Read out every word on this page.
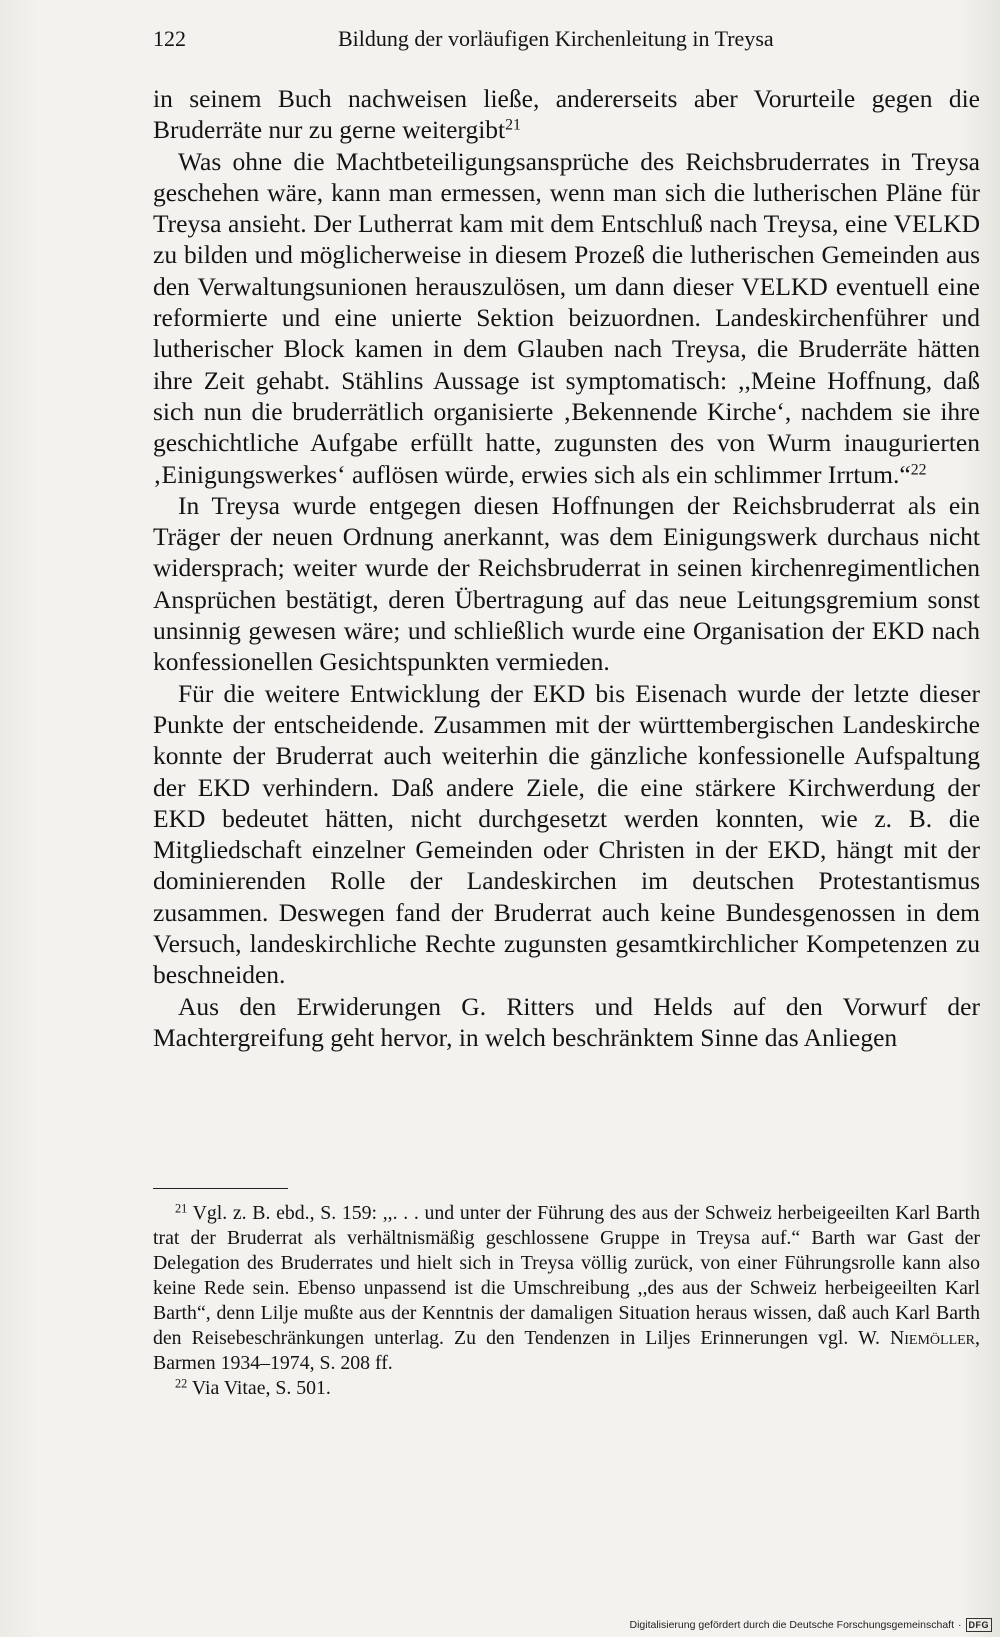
122	Bildung der vorläufigen Kirchenleitung in Treysa

in seinem Buch nachweisen ließe, andererseits aber Vorurteile gegen die Bruderräte nur zu gerne weitergibt$^{21}$

Was ohne die Machtbeteiligungsansprüche des Reichsbruderrates in Treysa geschehen wäre, kann man ermessen, wenn man sich die lutherischen Pläne für Treysa ansieht. Der Lutherrat kam mit dem Entschluß nach Treysa, eine VELKD zu bilden und möglicherweise in diesem Prozeß die lutherischen Gemeinden aus den Verwaltungsunionen herauszulösen, um dann dieser VELKD eventuell eine reformierte und eine unierte Sektion beizuordnen. Landeskirchenführer und lutherischer Block kamen in dem Glauben nach Treysa, die Bruderräte hätten ihre Zeit gehabt. Stählins Aussage ist symptomatisch: ,,Meine Hoffnung, daß sich nun die bruderrätlich organisierte ‚Bekennende Kirche‘, nachdem sie ihre geschichtliche Aufgabe erfüllt hatte, zugunsten des von Wurm inaugurierten ‚Einigungswerkes‘ auflösen würde, erwies sich als ein schlimmer Irrtum.“$^{22}$

In Treysa wurde entgegen diesen Hoffnungen der Reichsbruderrat als ein Träger der neuen Ordnung anerkannt, was dem Einigungswerk durchaus nicht widersprach; weiter wurde der Reichsbruderrat in seinen kirchenregimentlichen Ansprüchen bestätigt, deren Übertragung auf das neue Leitungsgremium sonst unsinnig gewesen wäre; und schließlich wurde eine Organisation der EKD nach konfessionellen Gesichtspunkten vermieden.

Für die weitere Entwicklung der EKD bis Eisenach wurde der letzte dieser Punkte der entscheidende. Zusammen mit der württembergischen Landeskirche konnte der Bruderrat auch weiterhin die gänzliche konfessionelle Aufspaltung der EKD verhindern. Daß andere Ziele, die eine stärkere Kirchwerdung der EKD bedeutet hätten, nicht durchgesetzt werden konnten, wie z. B. die Mitgliedschaft einzelner Gemeinden oder Christen in der EKD, hängt mit der dominierenden Rolle der Landeskirchen im deutschen Protestantismus zusammen. Deswegen fand der Bruderrat auch keine Bundesgenossen in dem Versuch, landeskirchliche Rechte zugunsten gesamtkirchlicher Kompetenzen zu beschneiden.

Aus den Erwiderungen G. Ritters und Helds auf den Vorwurf der Machtergreifung geht hervor, in welch beschränktem Sinne das Anliegen

$^{21}$ Vgl. z. B. ebd., S. 159: ,,. . . und unter der Führung des aus der Schweiz herbeigeeilten Karl Barth trat der Bruderrat als verhältnismäßig geschlossene Gruppe in Treysa auf.“ Barth war Gast der Delegation des Bruderrates und hielt sich in Treysa völlig zurück, von einer Führungsrolle kann also keine Rede sein. Ebenso unpassend ist die Umschreibung ,,des aus der Schweiz herbeigeeilten Karl Barth“, denn Lilje mußte aus der Kenntnis der damaligen Situation heraus wissen, daß auch Karl Barth den Reisebeschränkungen unterlag. Zu den Tendenzen in Liljes Erinnerungen vgl. W. Niemöller, Barmen 1934–1974, S. 208 ff.

$^{22}$ Via Vitae, S. 501.

Digitalisierung gefördert durch die Deutsche Forschungsgemeinschaft · DFG
